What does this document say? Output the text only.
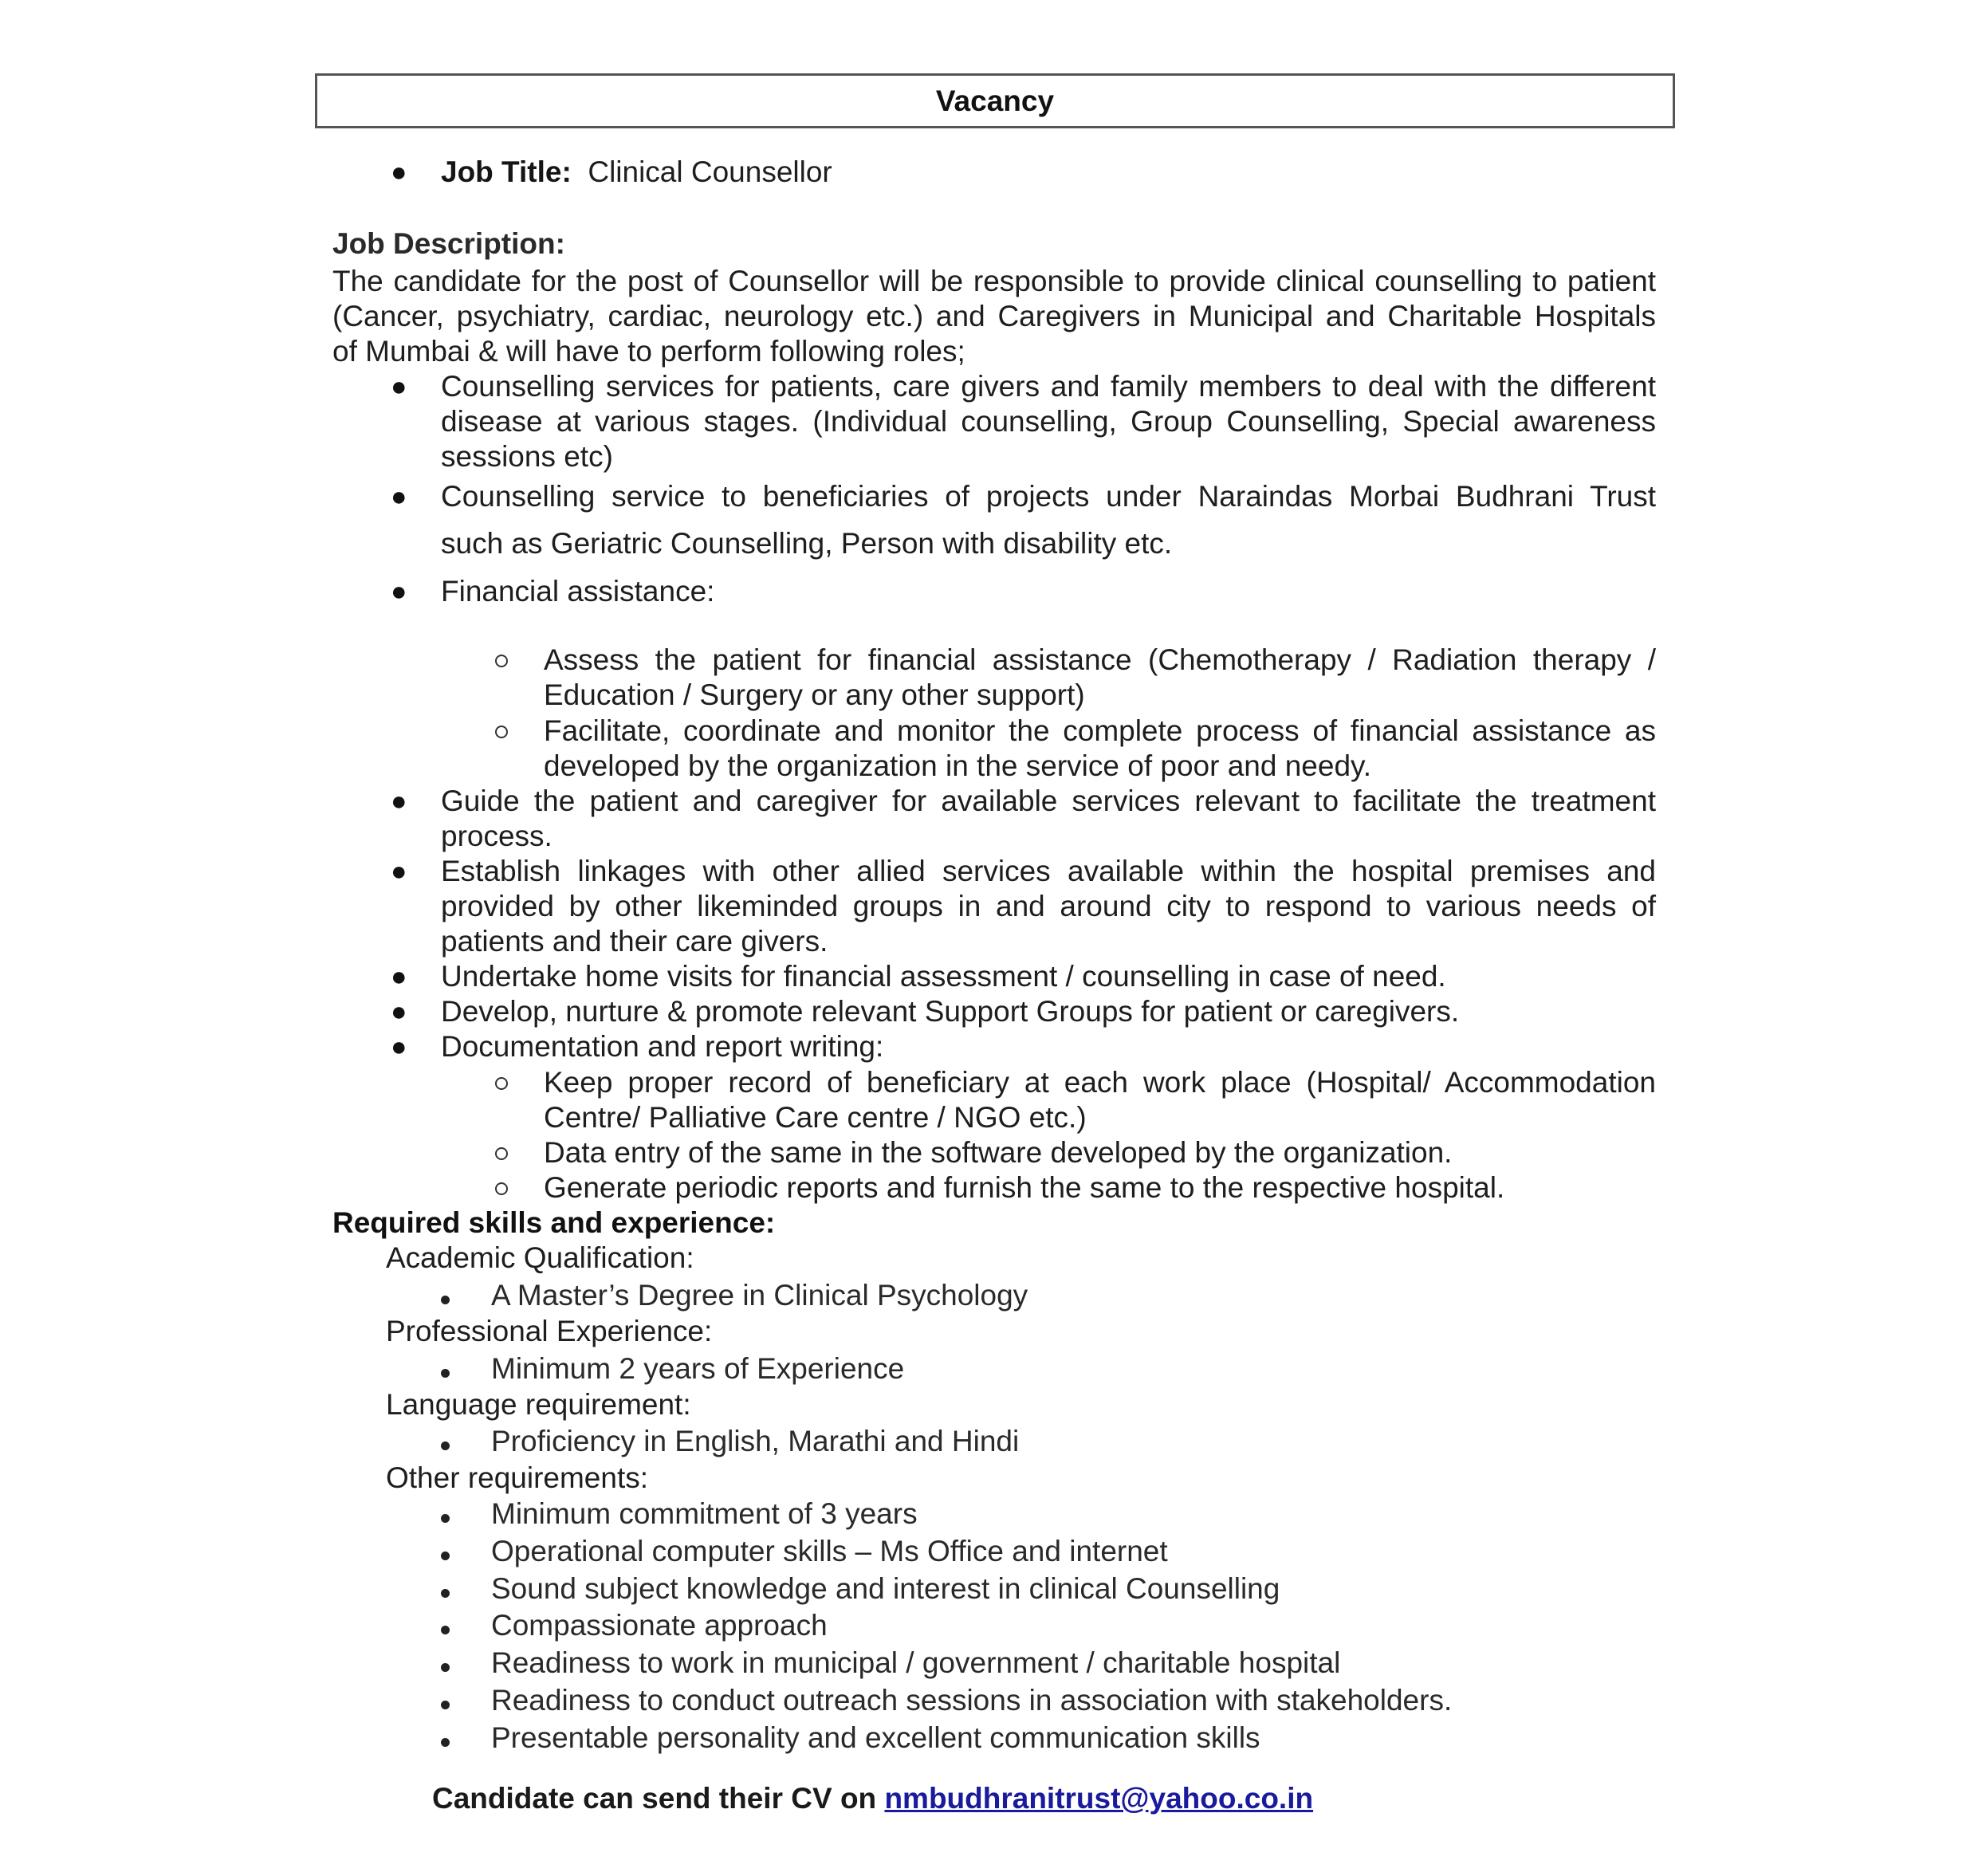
Vacancy
● Job Title: Clinical Counsellor
Job Description:
The candidate for the post of Counsellor will be responsible to provide clinical counselling to patient
(Cancer, psychiatry, cardiac, neurology etc.) and Caregivers in Municipal and Charitable Hospitals
of Mumbai & will have to perform following roles;
● Counselling services for patients, care givers and family members to deal with the different
disease at various stages. (Individual counselling, Group Counselling, Special awareness
sessions etc)
● Counselling service to beneficiaries of projects under Naraindas Morbai Budhrani Trust
such as Geriatric Counselling, Person with disability etc.
● Financial assistance:
Assess the patient for financial assistance (Chemotherapy / Radiation therapy /
Education / Surgery or any other support)
Facilitate, coordinate and monitor the complete process of financial assistance as
developed by the organization in the service of poor and needy.
● Guide the patient and caregiver for available services relevant to facilitate the treatment
process.
● Establish linkages with other allied services available within the hospital premises and
provided by other likeminded groups in and around city to respond to various needs of
patients and their care givers.
● Undertake home visits for financial assessment / counselling in case of need.
● Develop, nurture & promote relevant Support Groups for patient or caregivers.
● Documentation and report writing:
Keep proper record of beneficiary at each work place (Hospital/ Accommodation
Centre/ Palliative Care centre / NGO etc.)
Data entry of the same in the software developed by the organization.
Generate periodic reports and furnish the same to the respective hospital.
Required skills and experience:
Academic Qualification:
A Master’s Degree in Clinical Psychology
Professional Experience:
Minimum 2 years of Experience
Language requirement:
Proficiency in English, Marathi and Hindi
Other requirements:
Minimum commitment of 3 years
Operational computer skills – Ms Office and internet
Sound subject knowledge and interest in clinical Counselling
Compassionate approach
Readiness to work in municipal / government / charitable hospital
Readiness to conduct outreach sessions in association with stakeholders.
Presentable personality and excellent communication skills
Candidate can send their CV on nmbudhranitrust@yahoo.co.in
